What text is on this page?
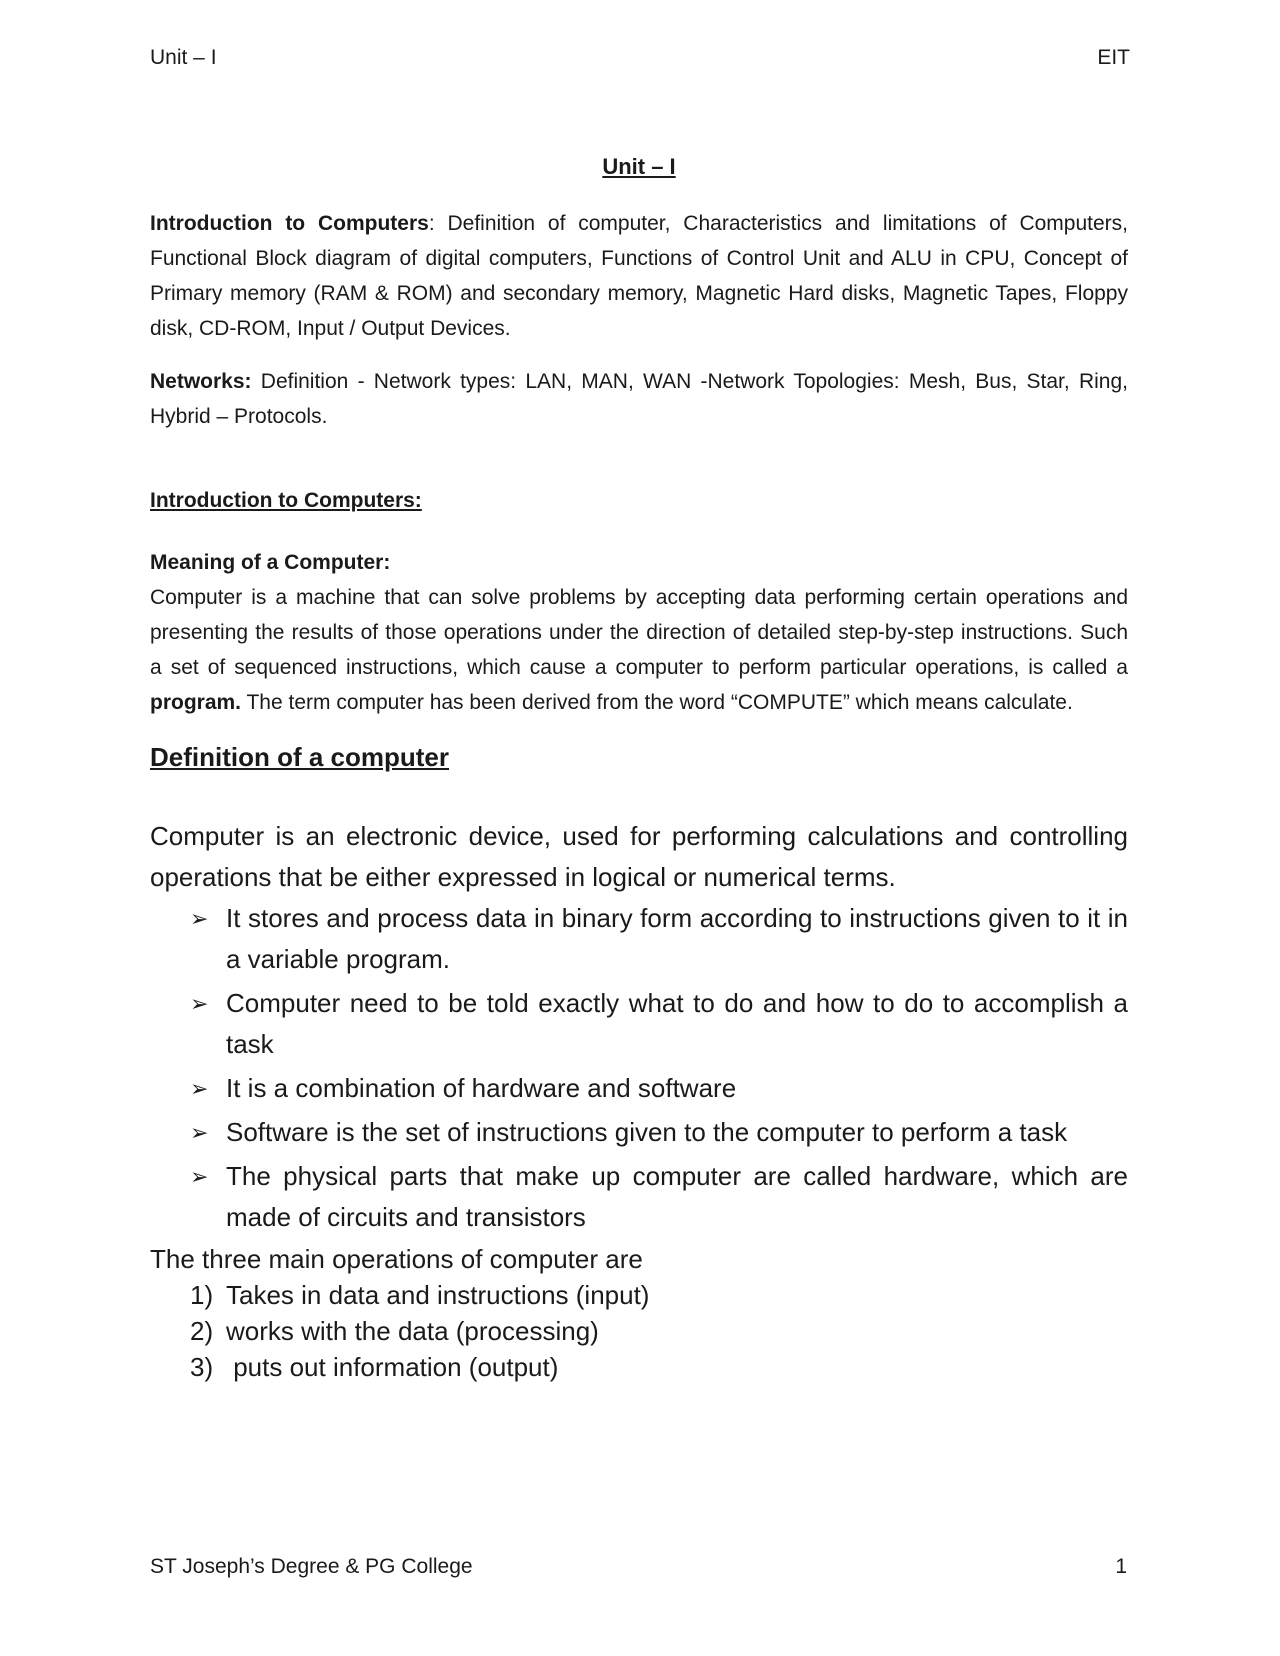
Unit – I	EIT

Unit – I

Introduction to Computers: Definition of computer, Characteristics and limitations of Computers, Functional Block diagram of digital computers, Functions of Control Unit and ALU in CPU, Concept of Primary memory (RAM & ROM) and secondary memory, Magnetic Hard disks, Magnetic Tapes, Floppy disk, CD-ROM, Input / Output Devices.

Networks: Definition - Network types: LAN, MAN, WAN -Network Topologies: Mesh, Bus, Star, Ring, Hybrid – Protocols.

Introduction to Computers:

Meaning of a Computer:

Computer is a machine that can solve problems by accepting data performing certain operations and presenting the results of those operations under the direction of detailed step-by-step instructions. Such a set of sequenced instructions, which cause a computer to perform particular operations, is called a program. The term computer has been derived from the word “COMPUTE” which means calculate.

Definition of a computer

Computer is an electronic device, used for performing calculations and controlling operations that be either expressed in logical or numerical terms.

➢ It stores and process data in binary form according to instructions given to it in a variable program.
➢ Computer need to be told exactly what to do and how to do to accomplish a task
➢ It is a combination of hardware and software
➢ Software is the set of instructions given to the computer to perform a task
➢ The physical parts that make up computer are called hardware, which are made of circuits and transistors

The three main operations of computer are

1) Takes in data and instructions (input)
2) works with the data (processing)
3) puts out information (output)
ST Joseph’s Degree & PG College	1
